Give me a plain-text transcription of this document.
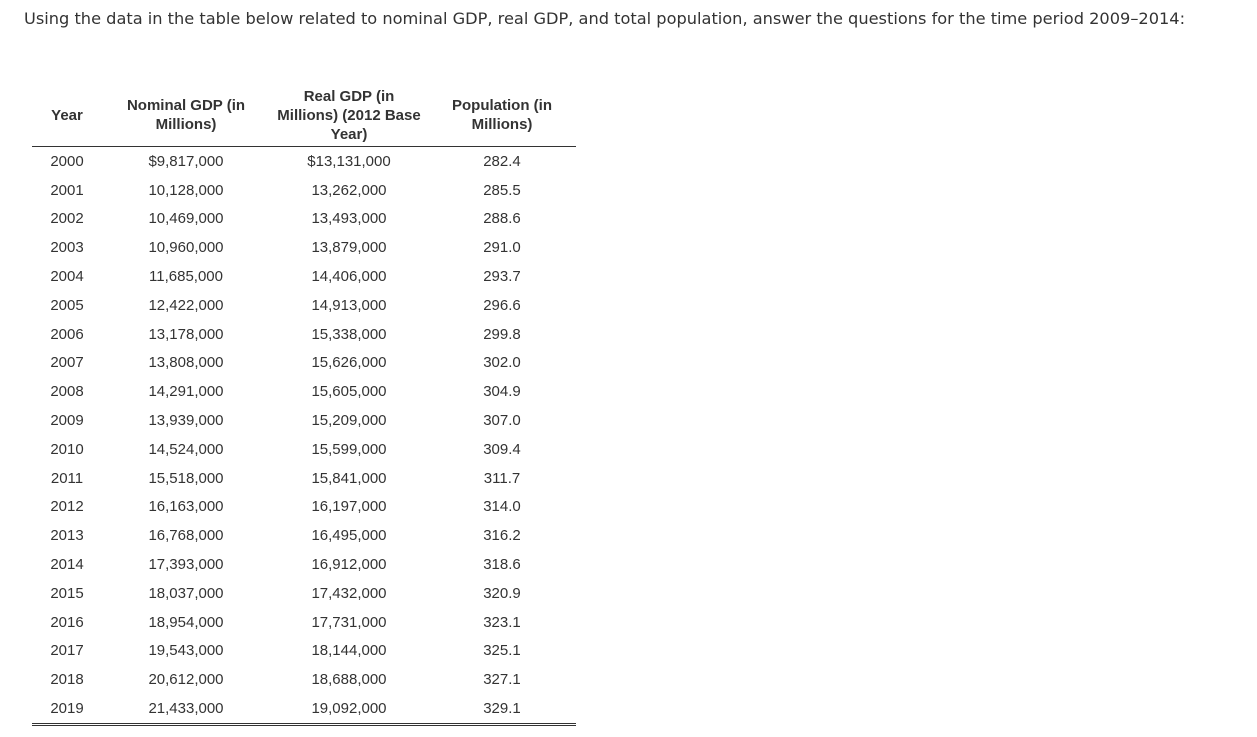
Using the data in the table below related to nominal GDP, real GDP, and total population, answer the questions for the time period 2009–2014:

Year	Nominal GDP (in Millions)	Real GDP (in Millions) (2012 Base Year)	Population (in Millions)
2000	$9,817,000	$13,131,000	282.4
2001	10,128,000	13,262,000	285.5
2002	10,469,000	13,493,000	288.6
2003	10,960,000	13,879,000	291.0
2004	11,685,000	14,406,000	293.7
2005	12,422,000	14,913,000	296.6
2006	13,178,000	15,338,000	299.8
2007	13,808,000	15,626,000	302.0
2008	14,291,000	15,605,000	304.9
2009	13,939,000	15,209,000	307.0
2010	14,524,000	15,599,000	309.4
2011	15,518,000	15,841,000	311.7
2012	16,163,000	16,197,000	314.0
2013	16,768,000	16,495,000	316.2
2014	17,393,000	16,912,000	318.6
2015	18,037,000	17,432,000	320.9
2016	18,954,000	17,731,000	323.1
2017	19,543,000	18,144,000	325.1
2018	20,612,000	18,688,000	327.1
2019	21,433,000	19,092,000	329.1
